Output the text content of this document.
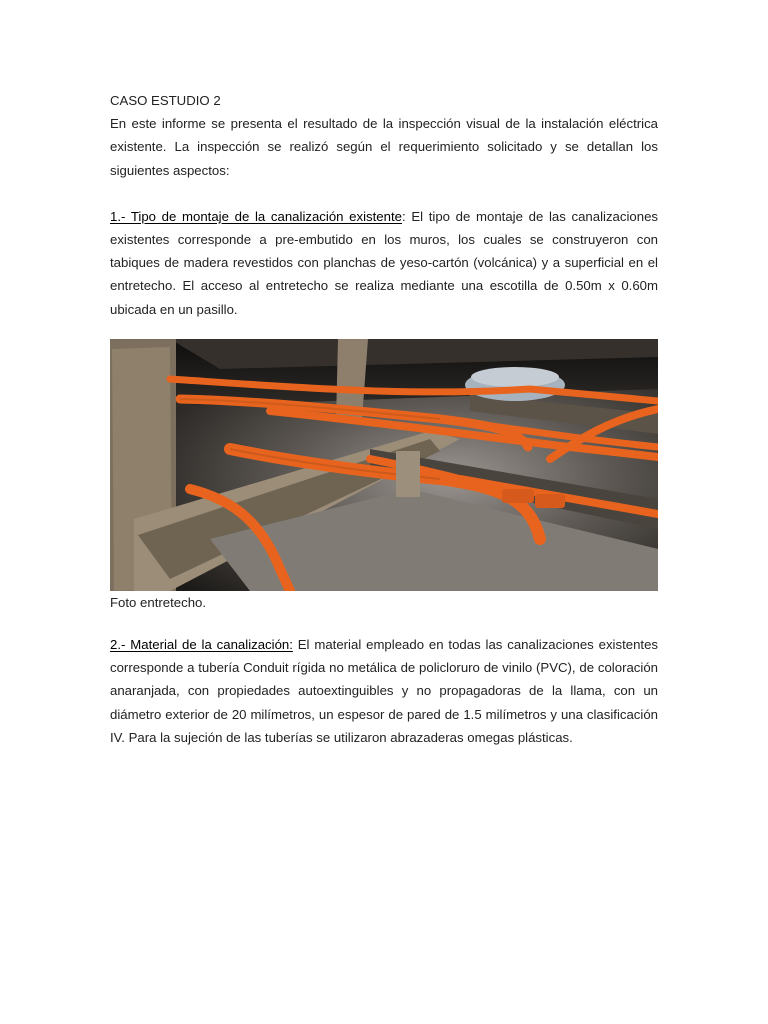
CASO ESTUDIO 2

En este informe se presenta el resultado de la inspección visual de la instalación eléctrica existente. La inspección se realizó según el requerimiento solicitado y se detallan los siguientes aspectos:

1.- Tipo de montaje de la canalización existente: El tipo de montaje de las canalizaciones existentes corresponde a pre-embutido en los muros, los cuales se construyeron con tabiques de madera revestidos con planchas de yeso-cartón (volcánica) y a superficial en el entretecho. El acceso al entretecho se realiza mediante una escotilla de 0.50m x 0.60m ubicada en un pasillo.

Foto entretecho.

2.- Material de la canalización: El material empleado en todas las canalizaciones existentes corresponde a tubería Conduit rígida no metálica de policloruro de vinilo (PVC), de coloración anaranjada, con propiedades autoextinguibles y no propagadoras de la llama, con un diámetro exterior de 20 milímetros, un espesor de pared de 1.5 milímetros y una clasificación IV. Para la sujeción de las tuberías se utilizaron abrazaderas omegas plásticas.
